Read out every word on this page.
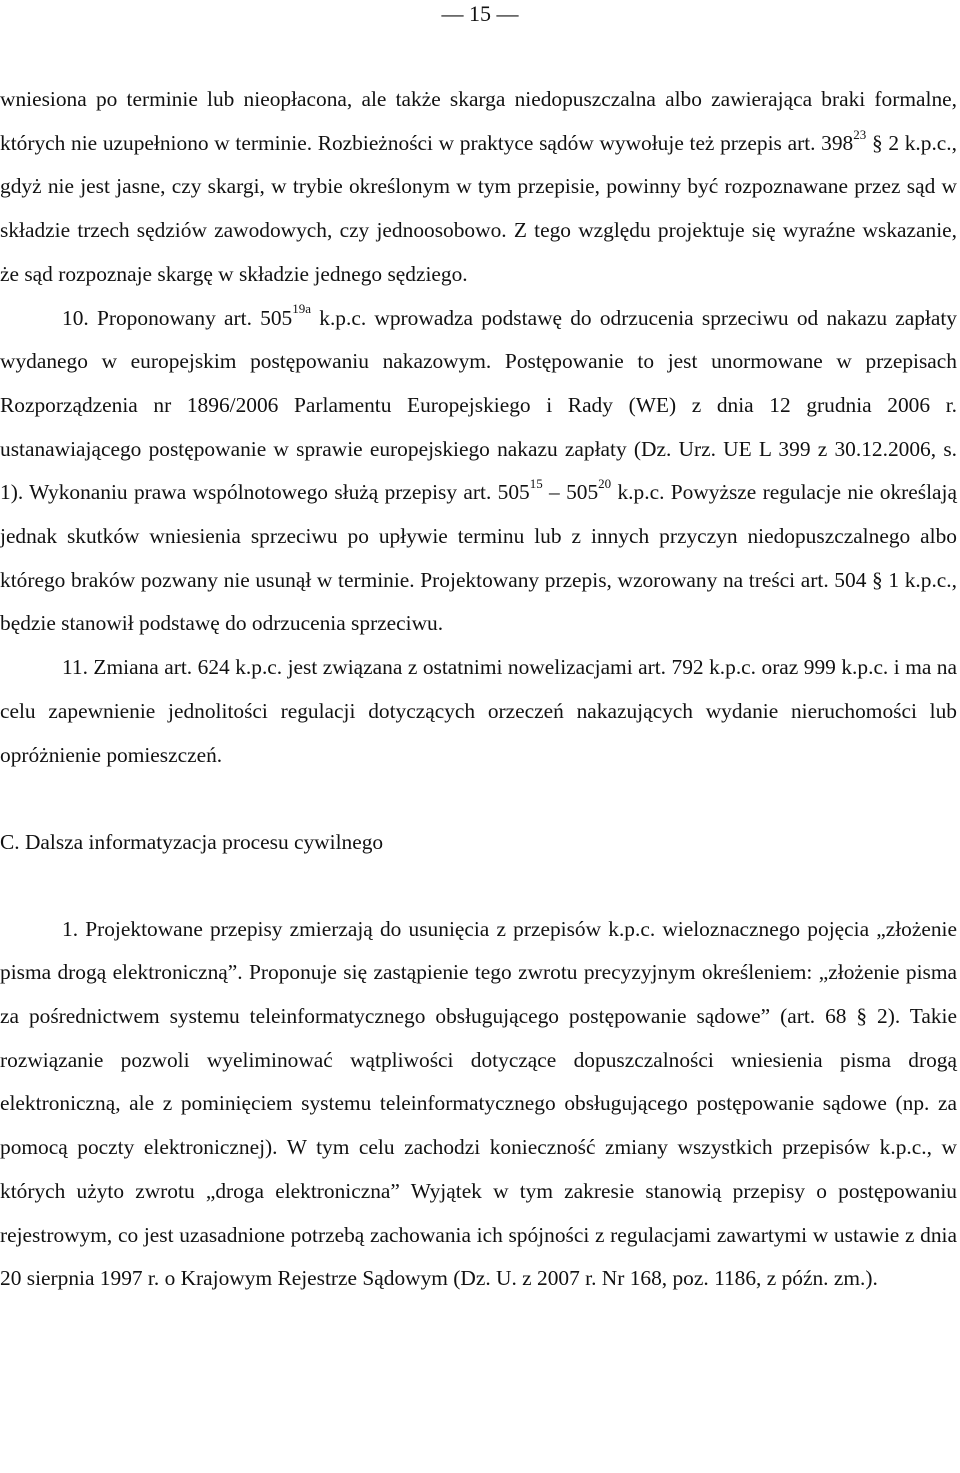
— 15 —

wniesiona po terminie lub nieopłacona, ale także skarga niedopuszczalna albo zawierająca braki formalne, których nie uzupełniono w terminie. Rozbieżności w praktyce sądów wywołuje też przepis art. $398^{23}$ § 2 k.p.c., gdyż nie jest jasne, czy skargi, w trybie określonym w tym przepisie, powinny być rozpoznawane przez sąd w składzie trzech sędziów zawodowych, czy jednoosobowo. Z tego względu projektuje się wyraźne wskazanie, że sąd rozpoznaje skargę w składzie jednego sędziego.

10. Proponowany art. $505^{19a}$ k.p.c. wprowadza podstawę do odrzucenia sprzeciwu od nakazu zapłaty wydanego w europejskim postępowaniu nakazowym. Postępowanie to jest unormowane w przepisach Rozporządzenia nr 1896/2006 Parlamentu Europejskiego i Rady (WE) z dnia 12 grudnia 2006 r. ustanawiającego postępowanie w sprawie europejskiego nakazu zapłaty (Dz. Urz. UE L 399 z 30.12.2006, s. 1). Wykonaniu prawa wspólnotowego służą przepisy art. $505^{15} - 505^{20}$ k.p.c. Powyższe regulacje nie określają jednak skutków wniesienia sprzeciwu po upływie terminu lub z innych przyczyn niedopuszczalnego albo którego braków pozwany nie usunął w terminie. Projektowany przepis, wzorowany na treści art. 504 § 1 k.p.c., będzie stanowił podstawę do odrzucenia sprzeciwu.

11. Zmiana art. 624 k.p.c. jest związana z ostatnimi nowelizacjami art. 792 k.p.c. oraz 999 k.p.c. i ma na celu zapewnienie jednolitości regulacji dotyczących orzeczeń nakazujących wydanie nieruchomości lub opróżnienie pomieszczeń.

C. Dalsza informatyzacja procesu cywilnego

1. Projektowane przepisy zmierzają do usunięcia z przepisów k.p.c. wieloznacznego pojęcia „złożenie pisma drogą elektroniczną”. Proponuje się zastąpienie tego zwrotu precyzyjnym określeniem: „złożenie pisma za pośrednictwem systemu teleinformatycznego obsługującego postępowanie sądowe” (art. 68 § 2). Takie rozwiązanie pozwoli wyeliminować wątpliwości dotyczące dopuszczalności wniesienia pisma drogą elektroniczną, ale z pominięciem systemu teleinformatycznego obsługującego postępowanie sądowe (np. za pomocą poczty elektronicznej). W tym celu zachodzi konieczność zmiany wszystkich przepisów k.p.c., w których użyto zwrotu „droga elektroniczna” Wyjątek w tym zakresie stanowią przepisy o postępowaniu rejestrowym, co jest uzasadnione potrzebą zachowania ich spójności z regulacjami zawartymi w ustawie z dnia 20 sierpnia 1997 r. o Krajowym Rejestrze Sądowym (Dz. U. z 2007 r. Nr 168, poz. 1186, z późn. zm.).
